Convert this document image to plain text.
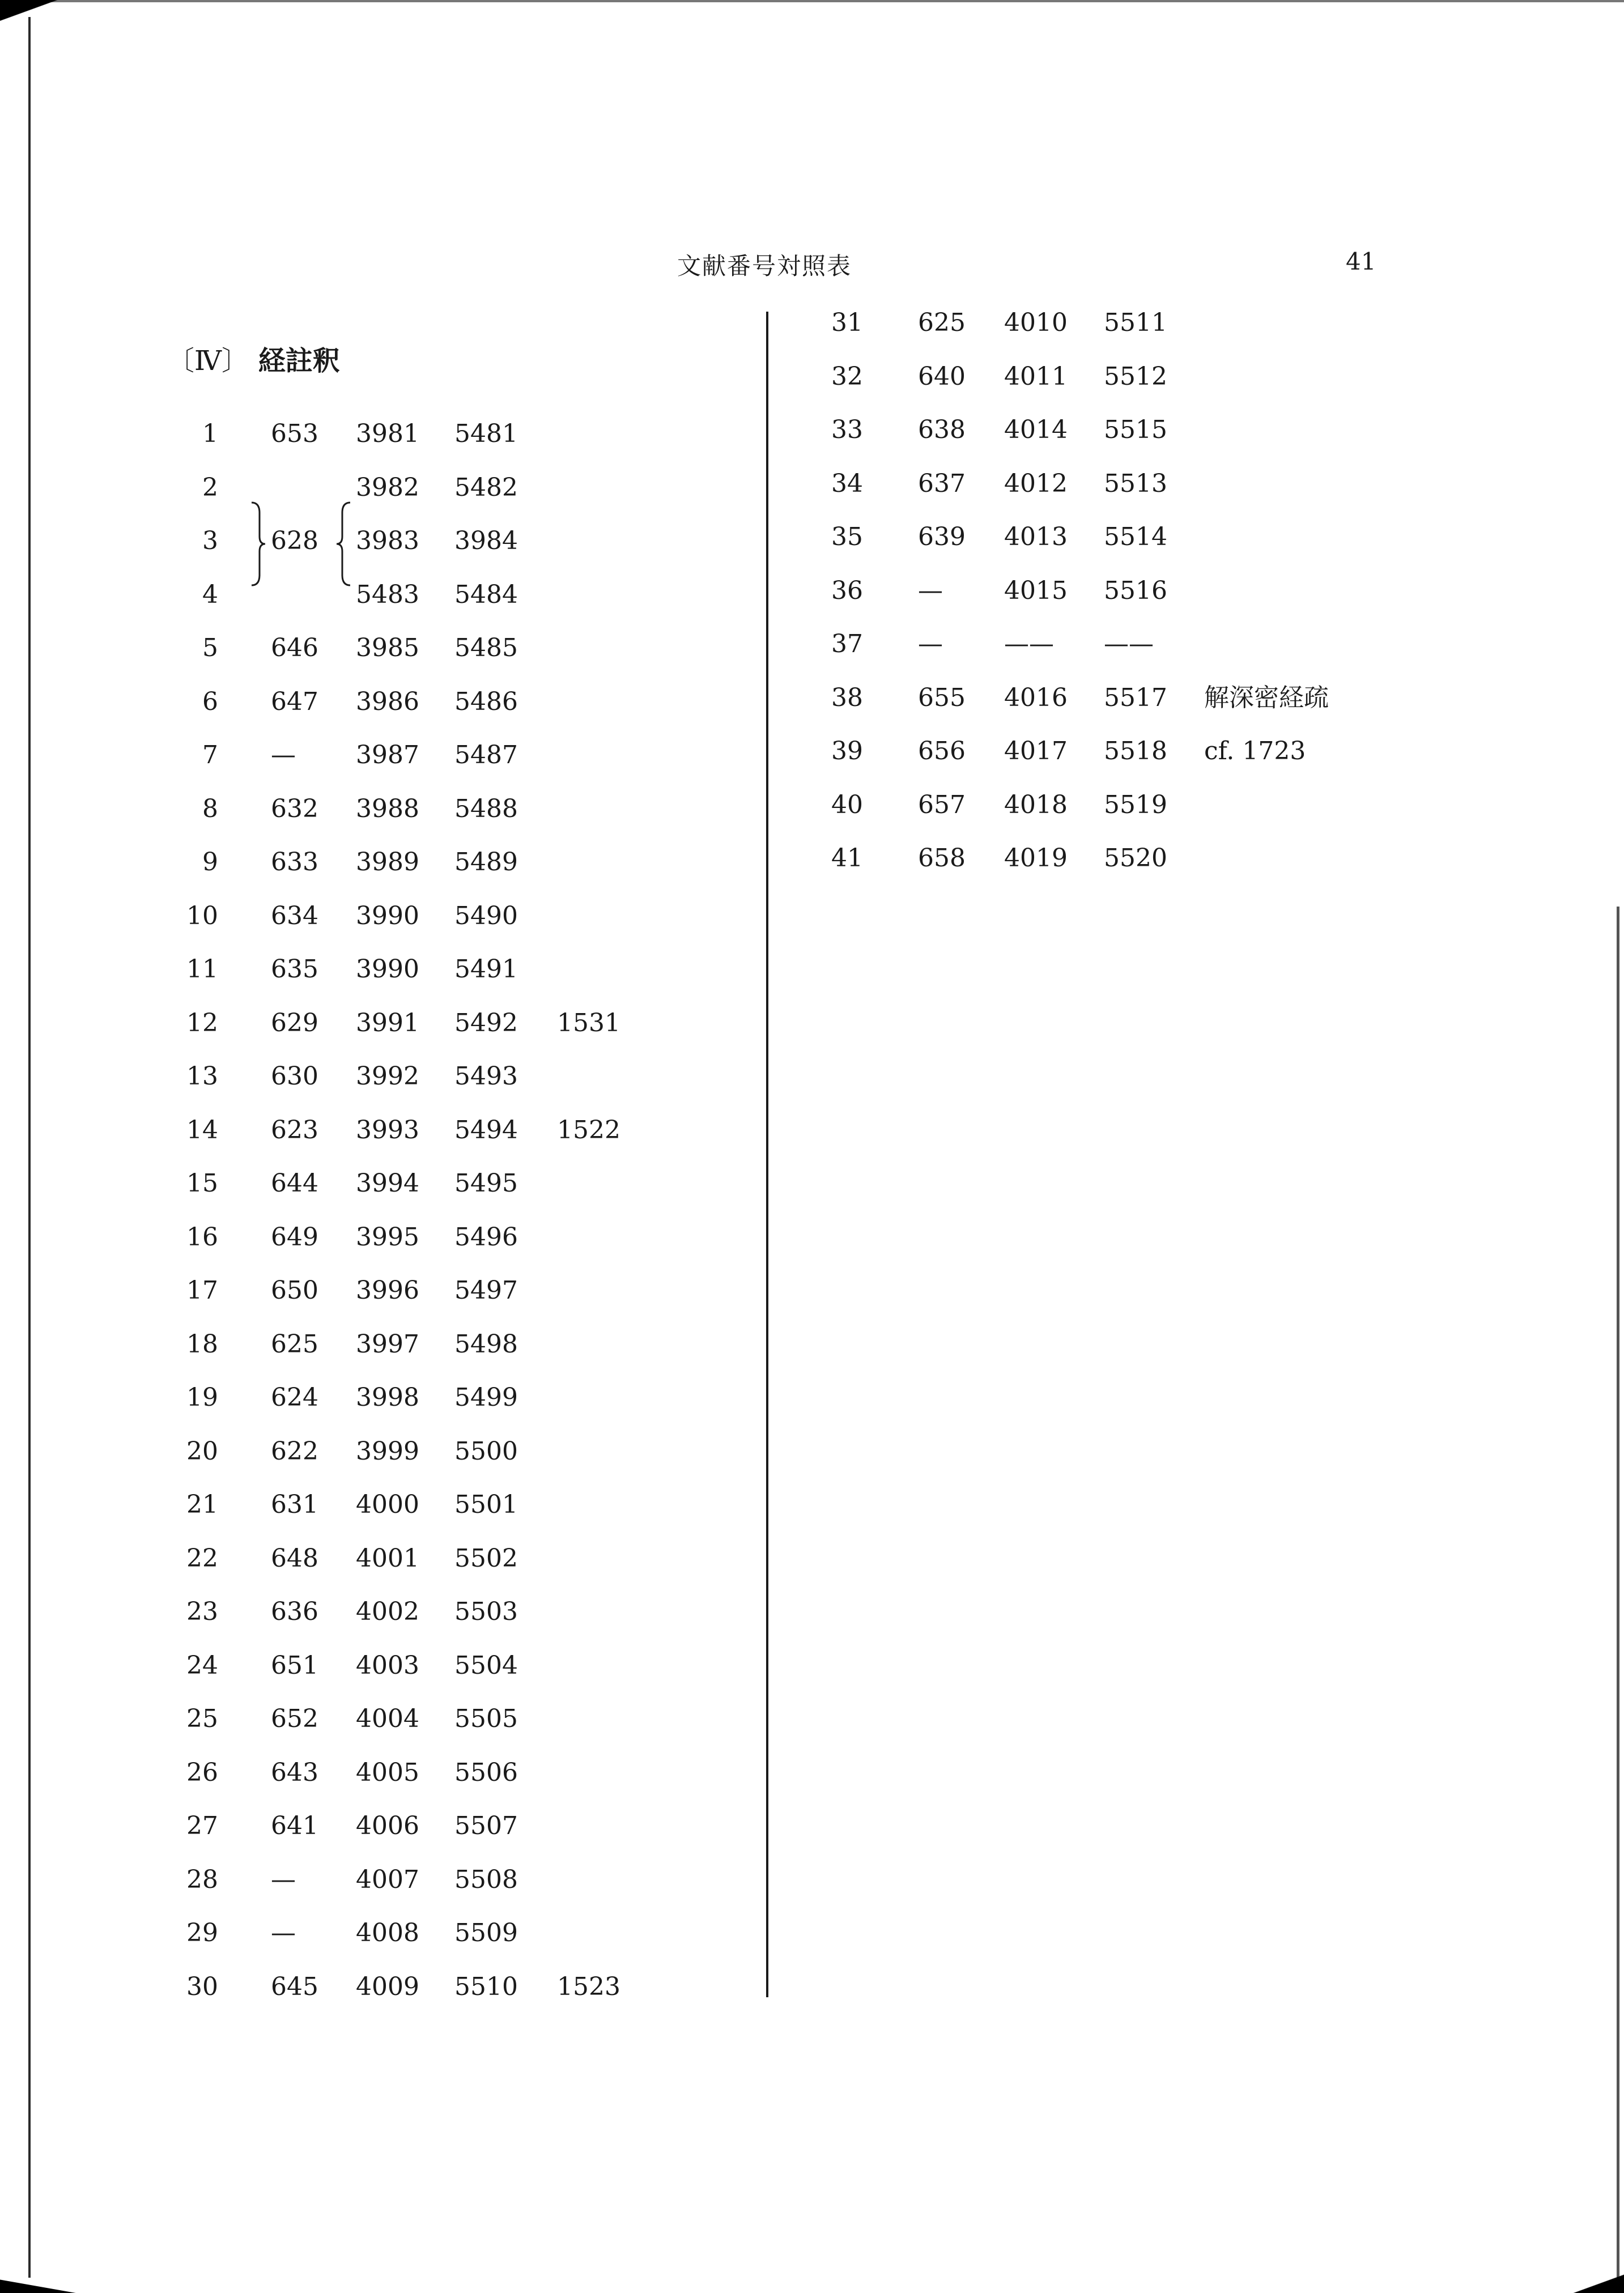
文献番号対照表	41
〔Ⅳ〕 経註釈
1 653 3981 5481
2	3982 5482
3 628 3983 3984
4	5483 5484
5 646 3985 5485
6 647 3986 5486
7 — 3987 5487
8 632 3988 5488
9 633 3989 5489
10 634 3990 5490
11 635 3990 5491
12 629 3991 5492 1531
13 630 3992 5493
14 623 3993 5494 1522
15 644 3994 5495
16 649 3995 5496
17 650 3996 5497
18 625 3997 5498
19 624 3998 5499
20 622 3999 5500
21 631 4000 5501
22 648 4001 5502
23 636 4002 5503
24 651 4003 5504
25 652 4004 5505
26 643 4005 5506
27 641 4006 5507
28 — 4007 5508
29 — 4008 5509
30 645 4009 5510 1523
31 625 4010 5511
32 640 4011 5512
33 638 4014 5515
34 637 4012 5513
35 639 4013 5514
36 — 4015 5516
37 — —— ——
38 655 4016 5517 解深密経疏
39 656 4017 5518 cf. 1723
40 657 4018 5519
41 658 4019 5520
